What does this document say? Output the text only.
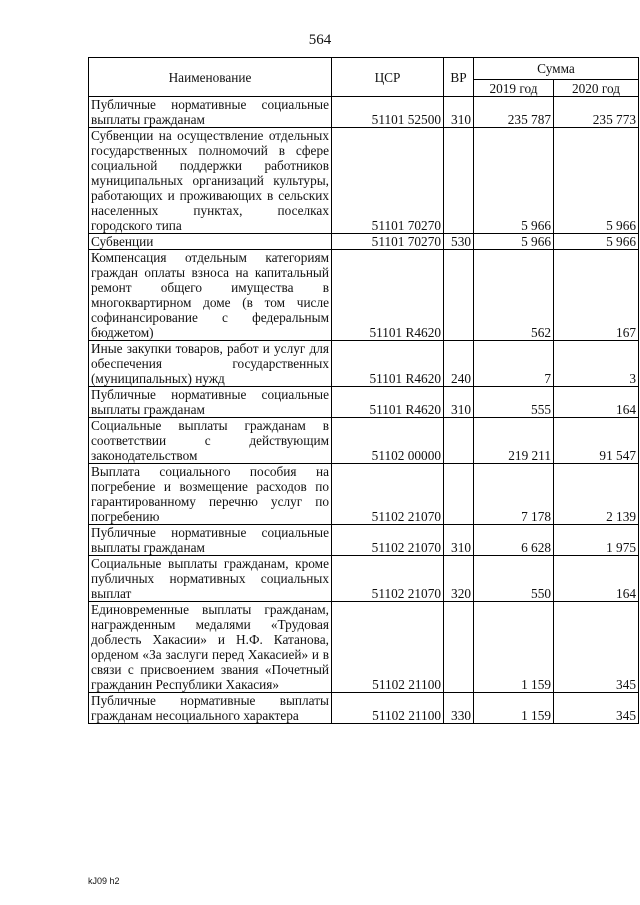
564
Наименование	ЦСР	ВР	Сумма	
			2019 год	2020 год
Публичные нормативные социальные выплаты гражданам	51101 52500	310	235 787	235 773
Субвенции на осуществление отдельных государственных полномочий в сфере социальной поддержки работников муниципальных организаций культуры, работающих и проживающих в сельских населенных пунктах, поселках городского типа	51101 70270		5 966	5 966
Субвенции	51101 70270	530	5 966	5 966
Компенсация отдельным категориям граждан оплаты взноса на капитальный ремонт общего имущества в многоквартирном доме (в том числе софинансирование с федеральным бюджетом)	51101 R4620		562	167
Иные закупки товаров, работ и услуг для обеспечения государственных (муниципальных) нужд	51101 R4620	240	7	3
Публичные нормативные социальные выплаты гражданам	51101 R4620	310	555	164
Социальные выплаты гражданам в соответствии с действующим законодательством	51102 00000		219 211	91 547
Выплата социального пособия на погребение и возмещение расходов по гарантированному перечню услуг по погребению	51102 21070		7 178	2 139
Публичные нормативные социальные выплаты гражданам	51102 21070	310	6 628	1 975
Социальные выплаты гражданам, кроме публичных нормативных социальных выплат	51102 21070	320	550	164
Единовременные выплаты гражданам, награжденным медалями «Трудовая доблесть Хакасии» и Н.Ф. Катанова, орденом «За заслуги перед Хакасией» и в связи с присвоением звания «Почетный гражданин Республики Хакасия»	51102 21100		1 159	345
Публичные нормативные выплаты гражданам несоциального характера	51102 21100	330	1 159	345
kJ09 h2
